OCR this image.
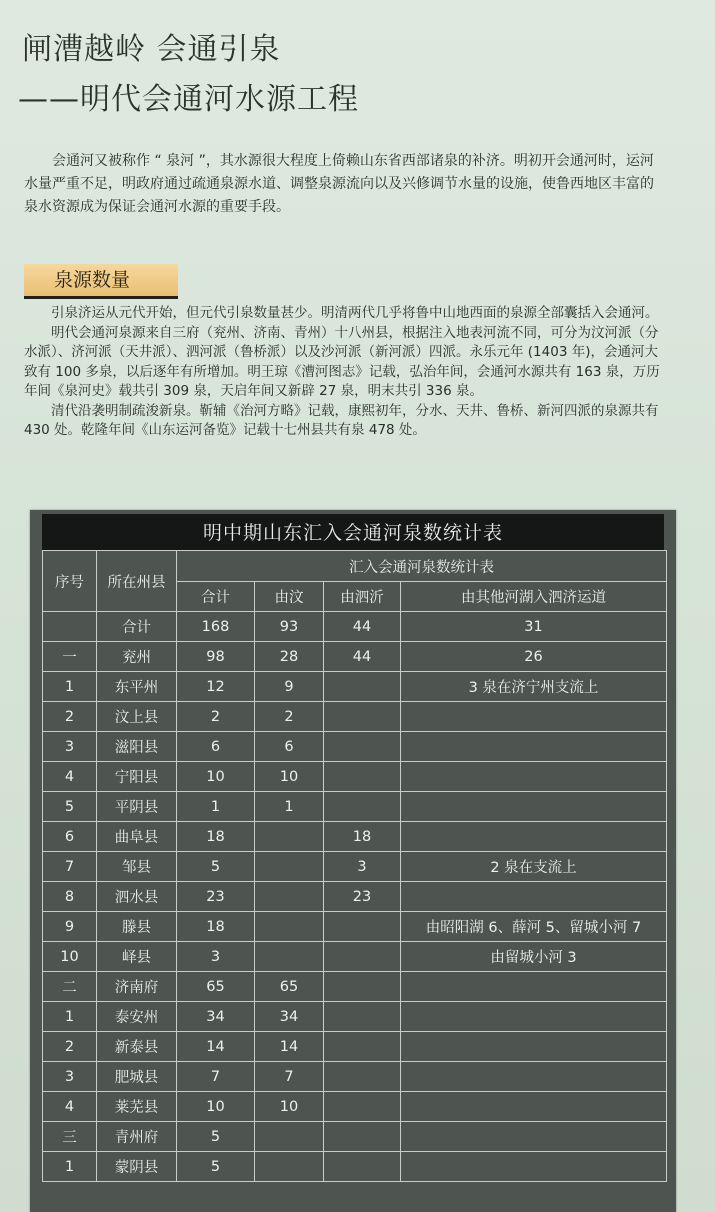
闸漕越岭 会通引泉
——明代会通河水源工程

会通河又被称作 “ 泉河 ”，其水源很大程度上倚赖山东省西部诸泉的补济。明初开会通河时，运河水量严重不足，明政府通过疏通泉源水道、调整泉源流向以及兴修调节水量的设施，使鲁西地区丰富的泉水资源成为保证会通河水源的重要手段。

泉源数量

引泉济运从元代开始，但元代引泉数量甚少。明清两代几乎将鲁中山地西面的泉源全部囊括入会通河。

明代会通河泉源来自三府（兖州、济南、青州）十八州县，根据注入地表河流不同，可分为汶河派（分水派）、济河派（天井派）、泗河派（鲁桥派）以及沙河派（新河派）四派。永乐元年 (1403 年)，会通河大致有 100 多泉，以后逐年有所增加。明王琼《漕河图志》记载，弘治年间，会通河水源共有 163 泉，万历年间《泉河史》载共引 309 泉，天启年间又新辟 27 泉，明末共引 336 泉。

清代沿袭明制疏浚新泉。靳辅《治河方略》记载，康熙初年，分水、天井、鲁桥、新河四派的泉源共有 430 处。乾隆年间《山东运河备览》记载十七州县共有泉 478 处。

明中期山东汇入会通河泉数统计表
序号	所在州县	汇入会通河泉数统计表			
		合计	由汶	由泗沂	由其他河湖入泗济运道
	合计	168	93	44	31
一	兖州	98	28	44	26
1	东平州	12	9		3 泉在济宁州支流上
2	汶上县	2	2		
3	滋阳县	6	6		
4	宁阳县	10	10		
5	平阴县	1	1		
6	曲阜县	18		18	
7	邹县	5		3	2 泉在支流上
8	泗水县	23		23	
9	滕县	18			由昭阳湖 6、薛河 5、留城小河 7
10	峄县	3			由留城小河 3
二	济南府	65	65		
1	泰安州	34	34		
2	新泰县	14	14		
3	肥城县	7	7		
4	莱芜县	10	10		
三	青州府	5			
1	蒙阴县	5			
